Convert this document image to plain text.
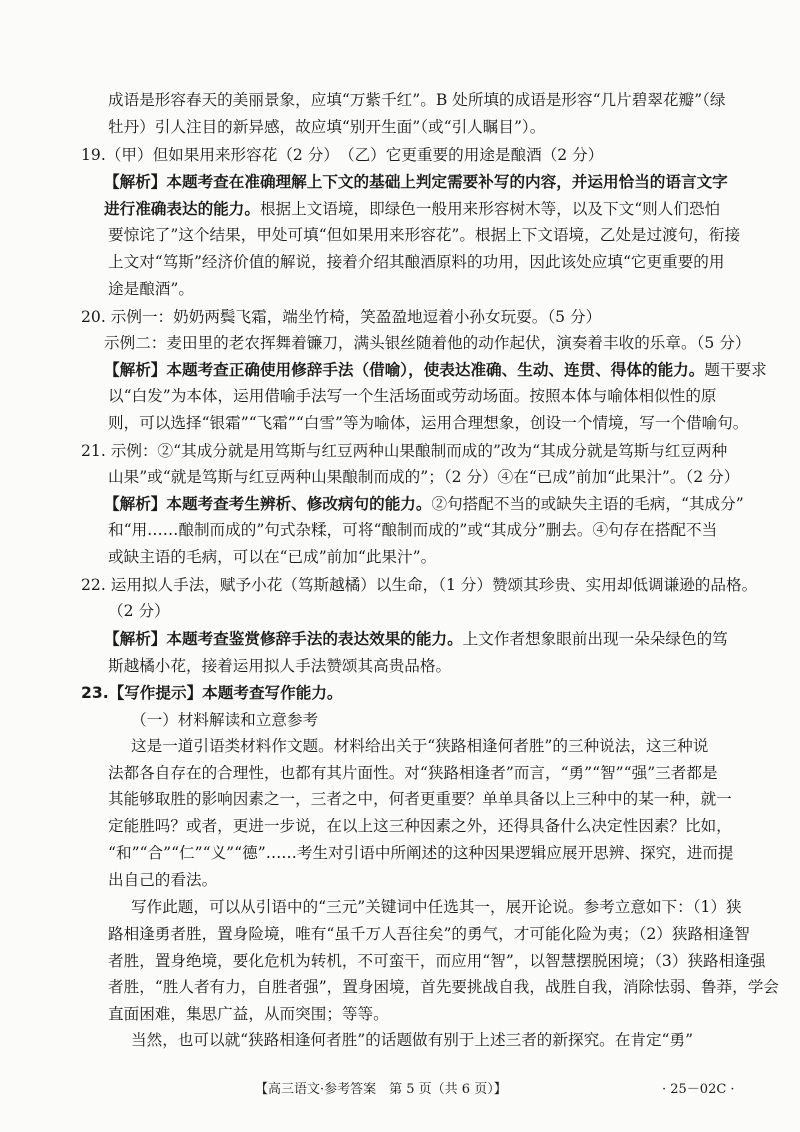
成语是形容春天的美丽景象，应填“万紫千红”。B 处所填的成语是形容“几片碧翠花瓣”（绿
牡丹）引人注目的新异感，故应填“别开生面”（或“引人瞩目”）。
19.（甲）但如果用来形容花（2 分）　（乙）它更重要的用途是酿酒（2 分）
【解析】本题考查在准确理解上下文的基础上判定需要补写的内容，并运用恰当的语言文字
进行准确表达的能力。根据上文语境，即绿色一般用来形容树木等，以及下文“则人们恐怕
要惊诧了”这个结果，甲处可填“但如果用来形容花”。根据上下文语境，乙处是过渡句，衔接
上文对“笃斯”经济价值的解说，接着介绍其酿酒原料的功用，因此该处应填“它更重要的用
途是酿酒”。
20. 示例一：奶奶两鬓飞霜，端坐竹椅，笑盈盈地逗着小孙女玩耍。（5 分）
示例二：麦田里的老农挥舞着镰刀，满头银丝随着他的动作起伏，演奏着丰收的乐章。（5 分）
【解析】本题考查正确使用修辞手法（借喻），使表达准确、生动、连贯、得体的能力。题干要求
以“白发”为本体，运用借喻手法写一个生活场面或劳动场面。按照本体与喻体相似性的原
则，可以选择“银霜”“飞霜”“白雪”等为喻体，运用合理想象，创设一个情境，写一个借喻句。
21. 示例：②“其成分就是用笃斯与红豆两种山果酿制而成的”改为“其成分就是笃斯与红豆两种
山果”或“就是笃斯与红豆两种山果酿制而成的”；（2 分）④在“已成”前加“此果汁”。（2 分）
【解析】本题考查考生辨析、修改病句的能力。②句搭配不当的或缺失主语的毛病，“其成分”
和“用……酿制而成的”句式杂糅，可将“酿制而成的”或“其成分”删去。④句存在搭配不当
或缺主语的毛病，可以在“已成”前加“此果汁”。
22. 运用拟人手法，赋予小花（笃斯越橘）以生命，（1 分）赞颂其珍贵、实用却低调谦逊的品格。
（2 分）
【解析】本题考查鉴赏修辞手法的表达效果的能力。上文作者想象眼前出现一朵朵绿色的笃
斯越橘小花，接着运用拟人手法赞颂其高贵品格。
23.【写作提示】本题考查写作能力。
（一）材料解读和立意参考
这是一道引语类材料作文题。材料给出关于“狭路相逢何者胜”的三种说法，这三种说
法都各自存在的合理性，也都有其片面性。对“狭路相逢者”而言，“勇”“智”“强”三者都是
其能够取胜的影响因素之一，三者之中，何者更重要？单单具备以上三种中的某一种，就一
定能胜吗？或者，更进一步说，在以上这三种因素之外，还得具备什么决定性因素？比如，
“和”“合”“仁”“义”“德”……考生对引语中所阐述的这种因果逻辑应展开思辨、探究，进而提
出自己的看法。
写作此题，可以从引语中的“三元”关键词中任选其一，展开论说。参考立意如下：（1）狭
路相逢勇者胜，置身险境，唯有“虽千万人吾往矣”的勇气，才可能化险为夷；（2）狭路相逢智
者胜，置身绝境，要化危机为转机，不可蛮干，而应用“智”，以智慧摆脱困境；（3）狭路相逢强
者胜，“胜人者有力，自胜者强”，置身困境，首先要挑战自我，战胜自我，消除怯弱、鲁莽，学会
直面困难，集思广益，从而突围；等等。
当然，也可以就“狭路相逢何者胜”的话题做有别于上述三者的新探究。在肯定“勇”
【高三语文·参考答案　第 5 页（共 6 页）】	· 25－02C ·
